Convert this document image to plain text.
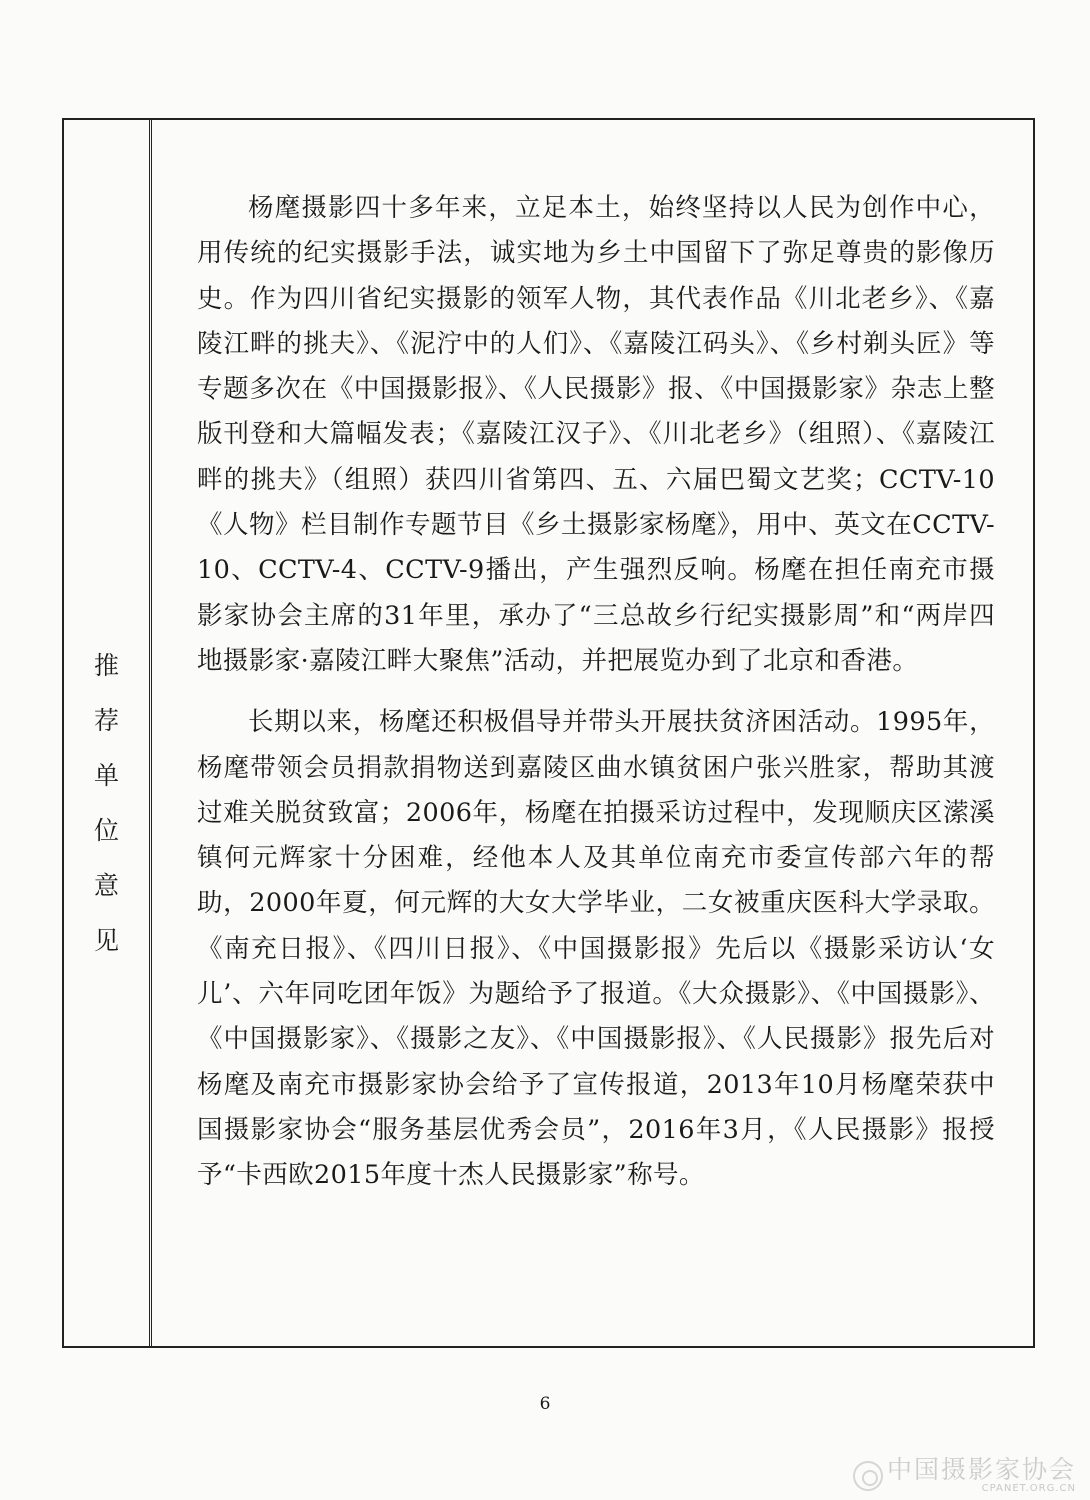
推
荐
单
位
意
见

杨麾摄影四十多年来，立足本土，始终坚持以人民为创作中心，用传统的纪实摄影手法，诚实地为乡土中国留下了弥足尊贵的影像历史。作为四川省纪实摄影的领军人物，其代表作品《川北老乡》、《嘉陵江畔的挑夫》、《泥泞中的人们》、《嘉陵江码头》、《乡村剃头匠》等专题多次在《中国摄影报》、《人民摄影》报、《中国摄影家》杂志上整版刊登和大篇幅发表；《嘉陵江汉子》、《川北老乡》（组照）、《嘉陵江畔的挑夫》（组照）获四川省第四、五、六届巴蜀文艺奖；CCTV-10《人物》栏目制作专题节目《乡土摄影家杨麾》，用中、英文在CCTV-10、CCTV-4、CCTV-9播出，产生强烈反响。杨麾在担任南充市摄影家协会主席的31年里，承办了“三总故乡行纪实摄影周”和“两岸四地摄影家·嘉陵江畔大聚焦”活动，并把展览办到了北京和香港。

长期以来，杨麾还积极倡导并带头开展扶贫济困活动。1995年，杨麾带领会员捐款捐物送到嘉陵区曲水镇贫困户张兴胜家，帮助其渡过难关脱贫致富；2006年，杨麾在拍摄采访过程中，发现顺庆区潆溪镇何元辉家十分困难，经他本人及其单位南充市委宣传部六年的帮助，2000年夏，何元辉的大女大学毕业，二女被重庆医科大学录取。《南充日报》、《四川日报》、《中国摄影报》先后以《摄影采访认‘女儿’、六年同吃团年饭》为题给予了报道。《大众摄影》、《中国摄影》、《中国摄影家》、《摄影之友》、《中国摄影报》、《人民摄影》报先后对杨麾及南充市摄影家协会给予了宣传报道，2013年10月杨麾荣获中国摄影家协会“服务基层优秀会员”，2016年3月，《人民摄影》报授予“卡西欧2015年度十杰人民摄影家”称号。

6
中国摄影家协会
CPANET.ORG.CN
